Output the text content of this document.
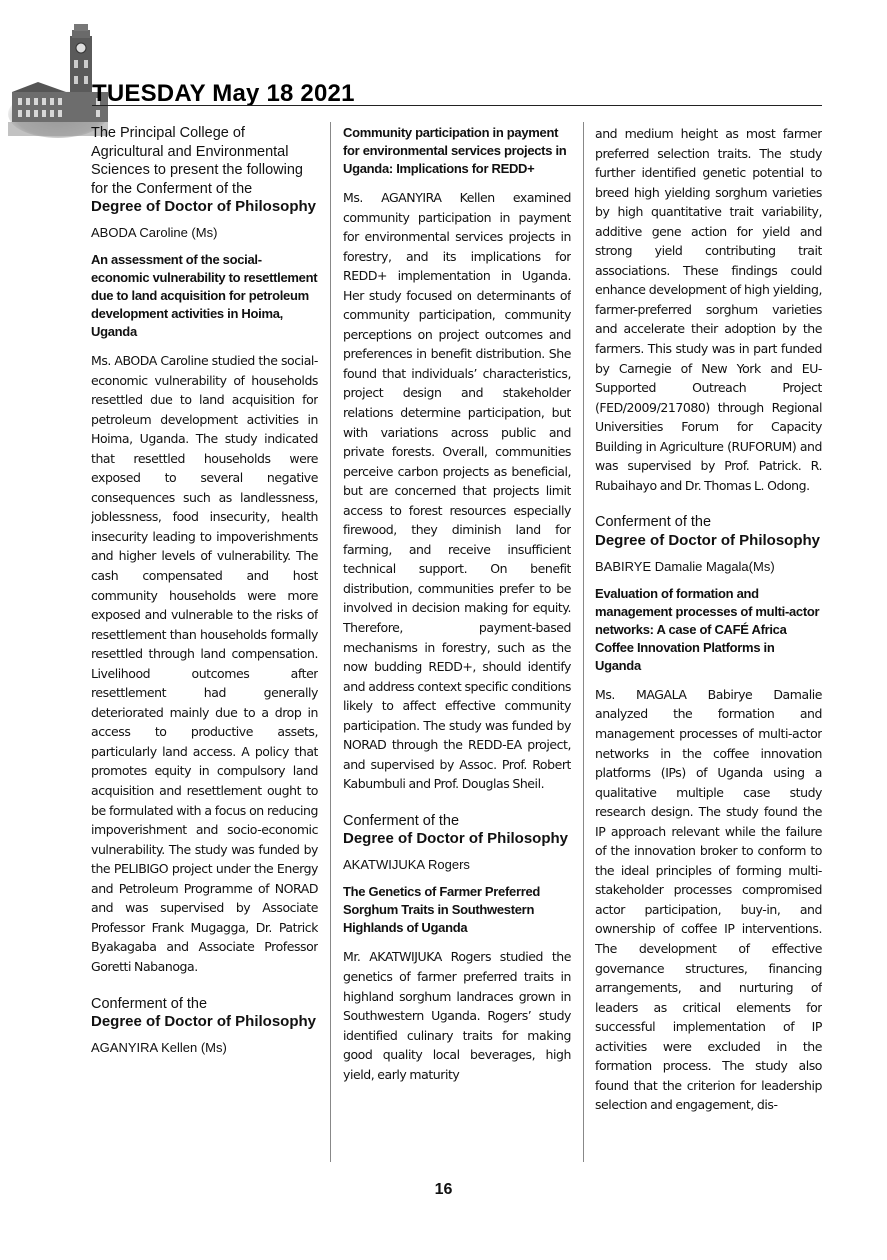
TUESDAY May 18 2021

The Principal College of Agricultural and Environmental Sciences to present the following for the Conferment of the

Degree of Doctor of Philosophy

ABODA Caroline (Ms)

An assessment of the social-economic vulnerability to resettlement due to land acquisition for petroleum development activities in Hoima, Uganda

Ms. ABODA Caroline studied the social-economic vulnerability of households resettled due to land acquisition for petroleum development activities in Hoima, Uganda. The study indicated that resettled households were exposed to several negative consequences such as landlessness, joblessness, food insecurity, health insecurity leading to impoverishments and higher levels of vulnerability. The cash compensated and host community households were more exposed and vulnerable to the risks of resettlement than households formally resettled through land compensation. Livelihood outcomes after resettlement had generally deteriorated mainly due to a drop in access to productive assets, particularly land access. A policy that promotes equity in compulsory land acquisition and resettlement ought to be formulated with a focus on reducing impoverishment and socio-economic vulnerability. The study was funded by the PELIBIGO project under the Energy and Petroleum Programme of NORAD and was supervised by Associate Professor Frank Mugagga, Dr. Patrick Byakagaba and Associate Professor Goretti Nabanoga.

Conferment of the

Degree of Doctor of Philosophy

AGANYIRA Kellen (Ms)

Community participation in payment for environmental services projects in Uganda: Implications for REDD+

Ms. AGANYIRA Kellen examined community participation in payment for environmental services projects in forestry, and its implications for REDD+ implementation in Uganda. Her study focused on determinants of community participation, community perceptions on project outcomes and preferences in benefit distribution. She found that individuals’ characteristics, project design and stakeholder relations determine participation, but with variations across public and private forests. Overall, communities perceive carbon projects as beneficial, but are concerned that projects limit access to forest resources especially firewood, they diminish land for farming, and receive insufficient technical support. On benefit distribution, communities prefer to be involved in decision making for equity. Therefore, payment-based mechanisms in forestry, such as the now budding REDD+, should identify and address context specific conditions likely to affect effective community participation. The study was funded by NORAD through the REDD-EA project, and supervised by Assoc. Prof. Robert Kabumbuli and Prof. Douglas Sheil.

Conferment of the

Degree of Doctor of Philosophy

AKATWIJUKA Rogers

The Genetics of Farmer Preferred Sorghum Traits in Southwestern Highlands of Uganda

Mr. AKATWIJUKA Rogers studied the genetics of farmer preferred traits in highland sorghum landraces grown in Southwestern Uganda. Rogers’ study identified culinary traits for making good quality local beverages, high yield, early maturity

and medium height as most farmer preferred selection traits. The study further identified genetic potential to breed high yielding sorghum varieties by high quantitative trait variability, additive gene action for yield and strong yield contributing trait associations. These findings could enhance development of high yielding, farmer-preferred sorghum varieties and accelerate their adoption by the farmers. This study was in part funded by Carnegie of New York and EU-Supported Outreach Project (FED/2009/217080) through Regional Universities Forum for Capacity Building in Agriculture (RUFORUM) and was supervised by Prof. Patrick. R. Rubaihayo and Dr. Thomas L. Odong.

Conferment of the

Degree of Doctor of Philosophy

BABIRYE Damalie Magala(Ms)

Evaluation of formation and management processes of multi-actor networks: A case of CAFÉ Africa Coffee Innovation Platforms in Uganda

Ms. MAGALA Babirye Damalie analyzed the formation and management processes of multi-actor networks in the coffee innovation platforms (IPs) of Uganda using a qualitative multiple case study research design. The study found the IP approach relevant while the failure of the innovation broker to conform to the ideal principles of forming multi-stakeholder processes compromised actor participation, buy-in, and ownership of coffee IP interventions. The development of effective governance structures, financing arrangements, and nurturing of leaders as critical elements for successful implementation of IP activities were excluded in the formation process. The study also found that the criterion for leadership selection and engagement, dis-

16
